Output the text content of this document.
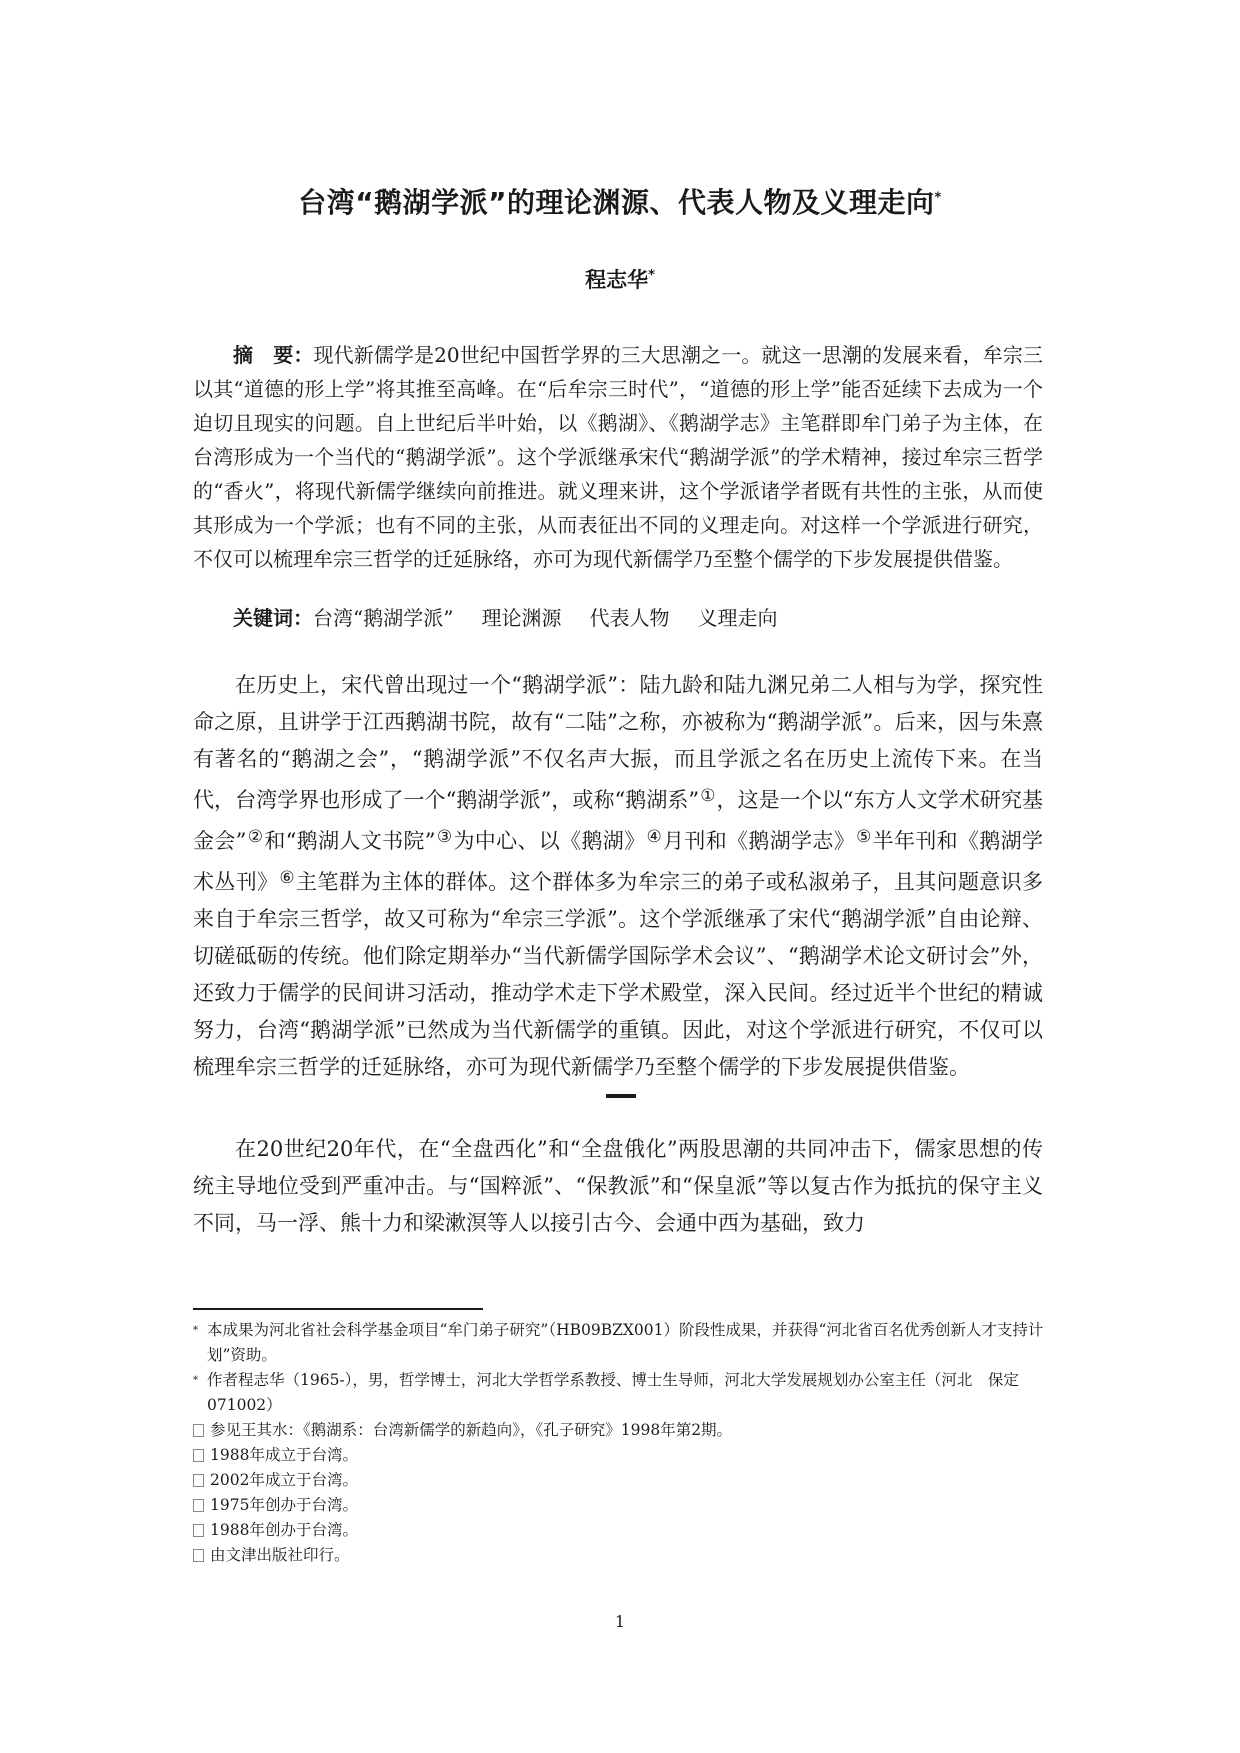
台湾“鹅湖学派”的理论渊源、代表人物及义理走向*
程志华*

摘　要：现代新儒学是20世纪中国哲学界的三大思潮之一。就这一思潮的发展来看，牟宗三以其“道德的形上学”将其推至高峰。在“后牟宗三时代”，“道德的形上学”能否延续下去成为一个迫切且现实的问题。自上世纪后半叶始，以《鹅湖》、《鹅湖学志》主笔群即牟门弟子为主体，在台湾形成为一个当代的“鹅湖学派”。这个学派继承宋代“鹅湖学派”的学术精神，接过牟宗三哲学的“香火”，将现代新儒学继续向前推进。就义理来讲，这个学派诸学者既有共性的主张，从而使其形成为一个学派；也有不同的主张，从而表征出不同的义理走向。对这样一个学派进行研究，不仅可以梳理牟宗三哲学的迁延脉络，亦可为现代新儒学乃至整个儒学的下步发展提供借鉴。

关键词：台湾“鹅湖学派” 理论渊源 代表人物 义理走向

在历史上，宋代曾出现过一个“鹅湖学派”：陆九龄和陆九渊兄弟二人相与为学，探究性命之原，且讲学于江西鹅湖书院，故有“二陆”之称，亦被称为“鹅湖学派”。后来，因与朱熹有著名的“鹅湖之会”，“鹅湖学派”不仅名声大振，而且学派之名在历史上流传下来。在当代，台湾学界也形成了一个“鹅湖学派”，或称“鹅湖系”①，这是一个以“东方人文学术研究基金会”②和“鹅湖人文书院”③为中心、以《鹅湖》④月刊和《鹅湖学志》⑤半年刊和《鹅湖学术丛刊》⑥主笔群为主体的群体。这个群体多为牟宗三的弟子或私淑弟子，且其问题意识多来自于牟宗三哲学，故又可称为“牟宗三学派”。这个学派继承了宋代“鹅湖学派”自由论辩、切磋砥砺的传统。他们除定期举办“当代新儒学国际学术会议”、“鹅湖学术论文研讨会”外，还致力于儒学的民间讲习活动，推动学术走下学术殿堂，深入民间。经过近半个世纪的精诚努力，台湾“鹅湖学派”已然成为当代新儒学的重镇。因此，对这个学派进行研究，不仅可以梳理牟宗三哲学的迁延脉络，亦可为现代新儒学乃至整个儒学的下步发展提供借鉴。

在20世纪20年代，在“全盘西化”和“全盘俄化”两股思潮的共同冲击下，儒家思想的传统主导地位受到严重冲击。与“国粹派”、“保教派”和“保皇派”等以复古作为抵抗的保守主义不同，马一浮、熊十力和梁漱溟等人以接引古今、会通中西为基础，致力

* 本成果为河北省社会科学基金项目“牟门弟子研究”（HB09BZX001）阶段性成果，并获得“河北省百名优秀创新人才支持计划”资助。

* 作者程志华（1965-），男，哲学博士，河北大学哲学系教授、博士生导师，河北大学发展规划办公室主任（河北　保定 071002）

参见王其水：《鹅湖系：台湾新儒学的新趋向》，《孔子研究》1998年第2期。

1988年成立于台湾。

2002年成立于台湾。

1975年创办于台湾。

1988年创办于台湾。

由文津出版社印行。

1
